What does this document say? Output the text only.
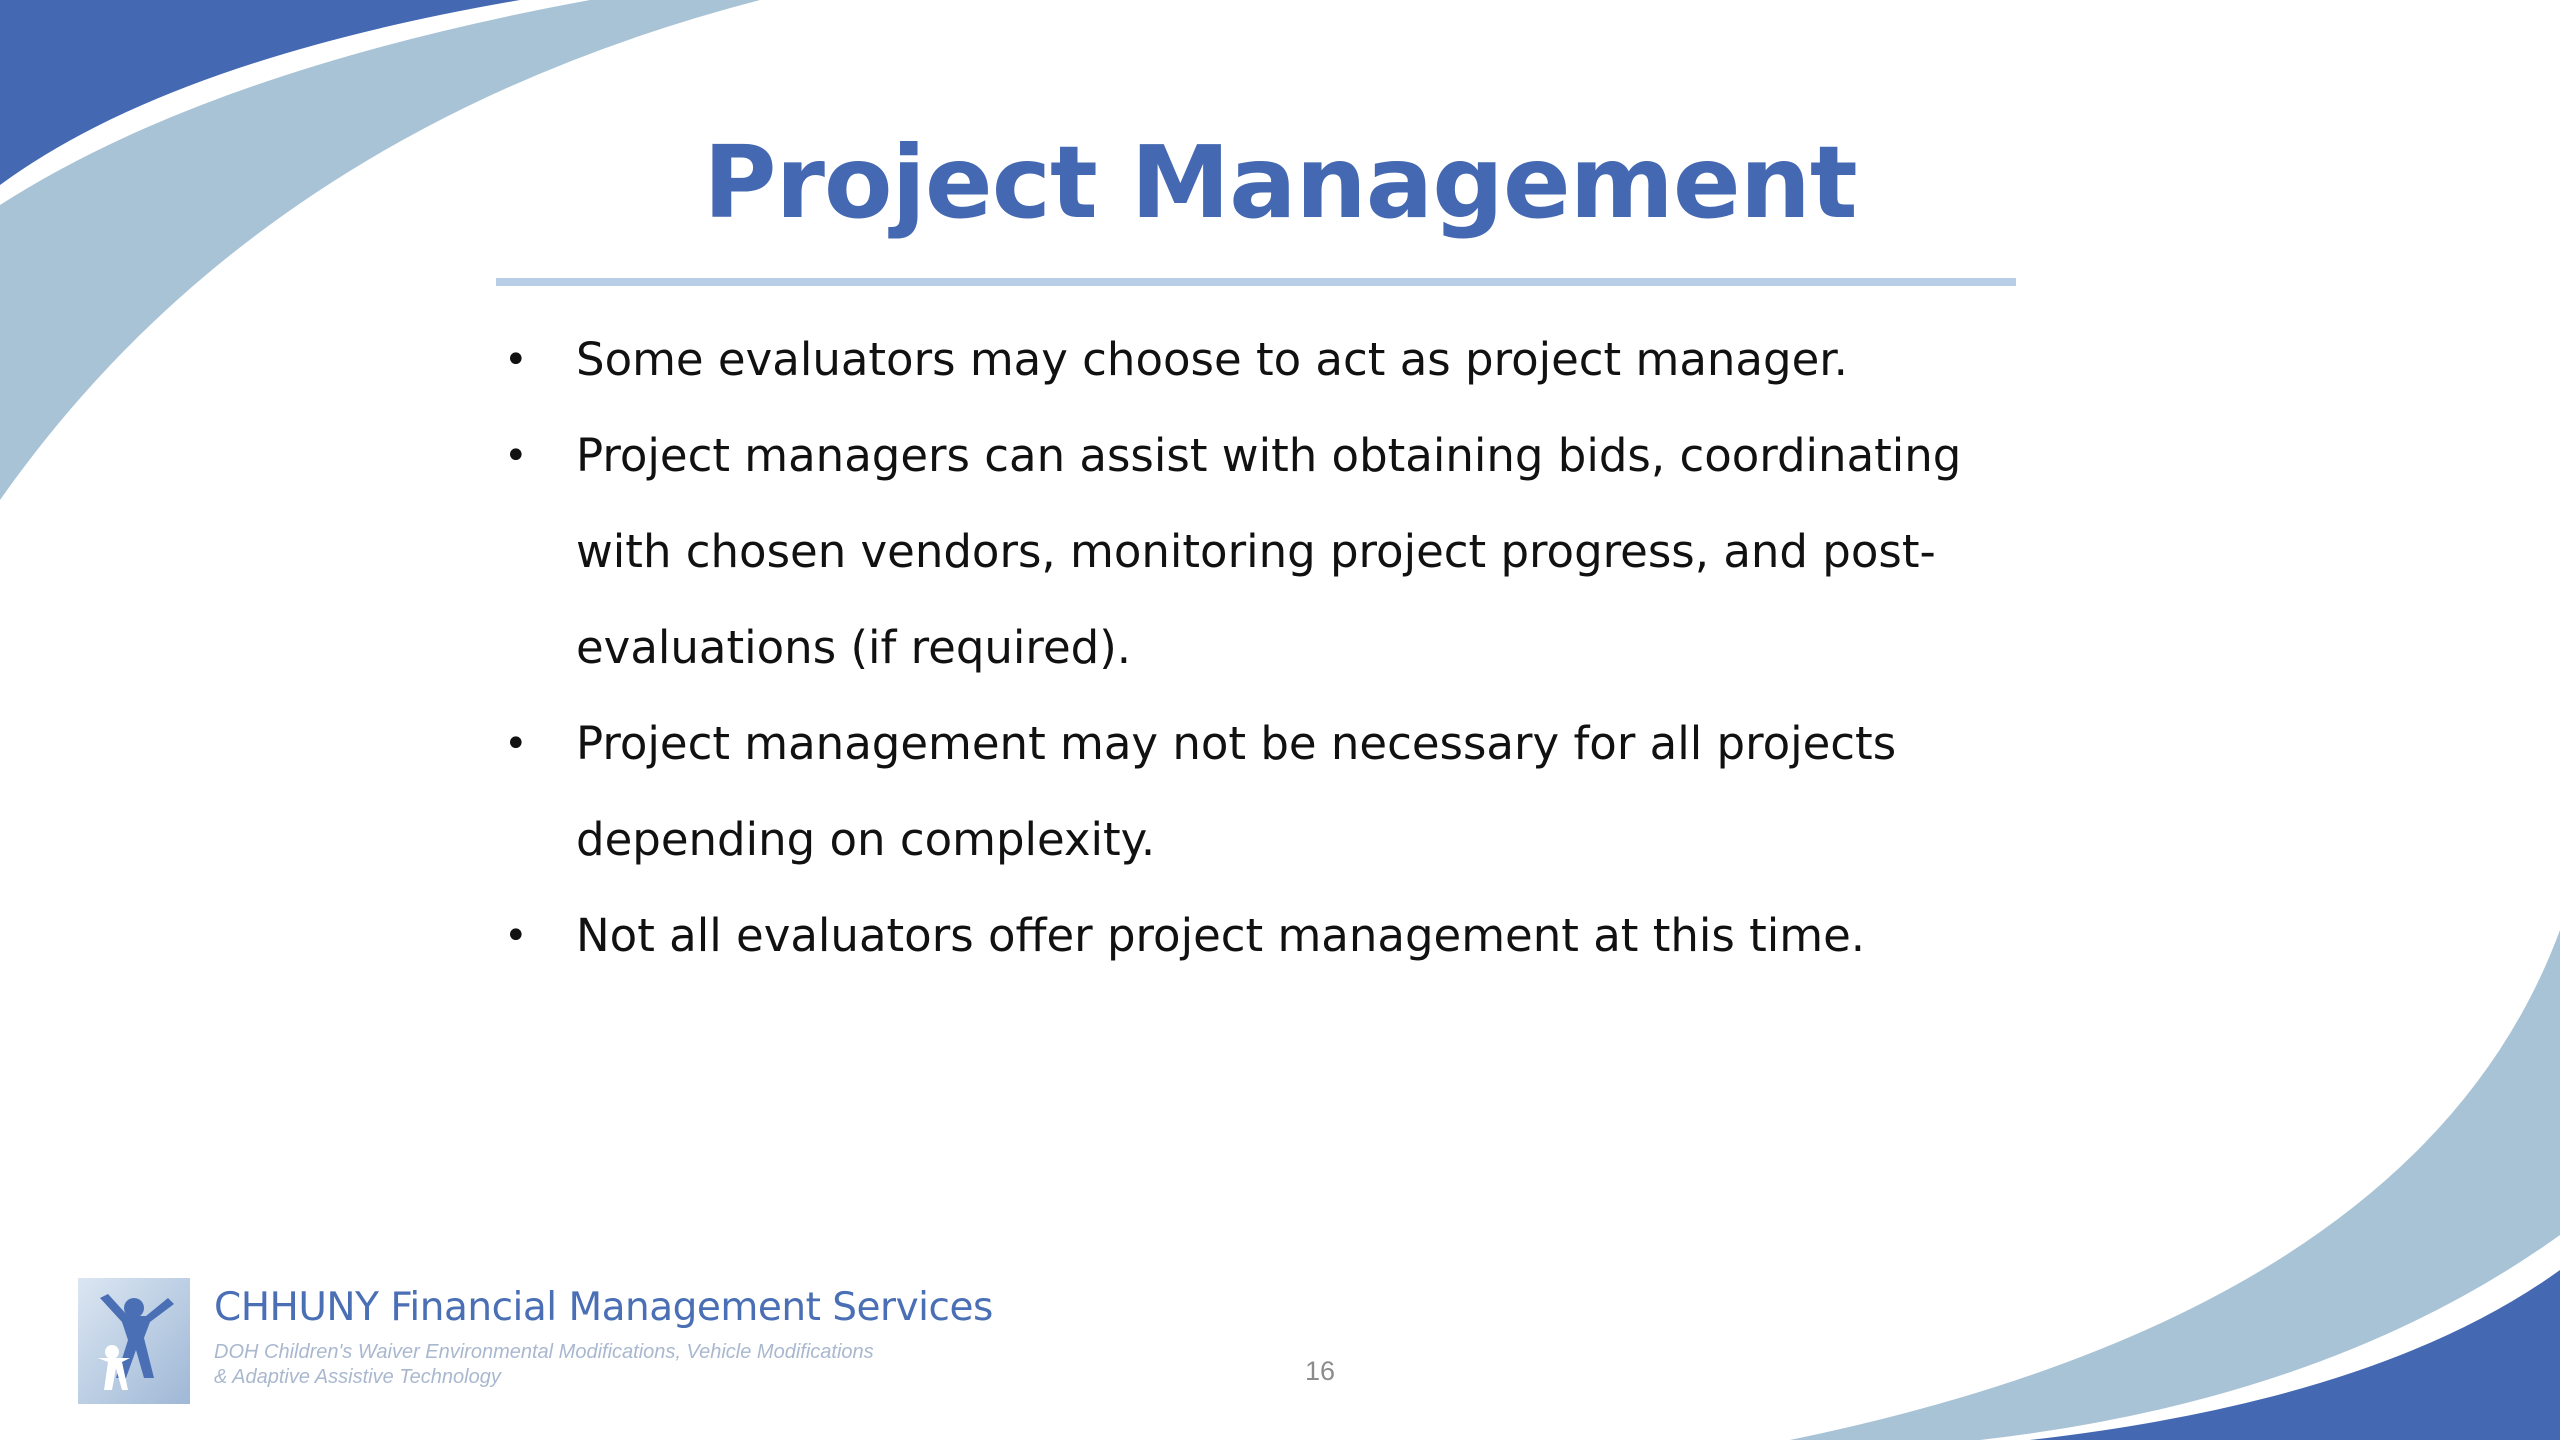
Project Management
• Some evaluators may choose to act as project manager.
• Project managers can assist with obtaining bids, coordinating with chosen vendors, monitoring project progress, and post-evaluations (if required).
• Project management may not be necessary for all projects depending on complexity.
• Not all evaluators offer project management at this time.
CHHUNY Financial Management Services
DOH Children's Waiver Environmental Modifications, Vehicle Modifications
& Adaptive Assistive Technology	16
